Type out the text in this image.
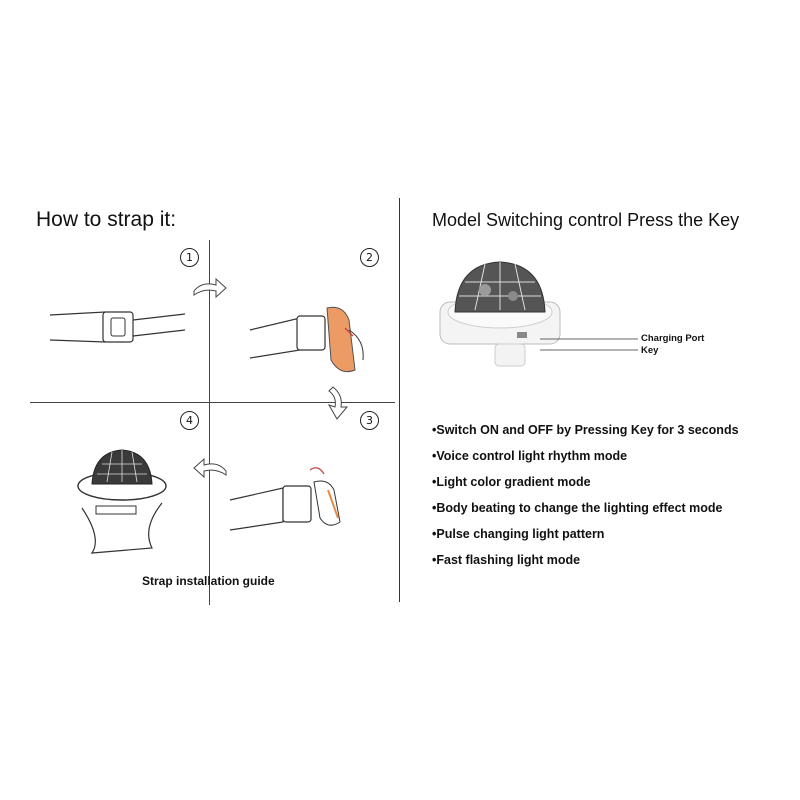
How to strap it:
1	2
3
4
Strap installation guide
Model Switching control Press the Key
Charging Port
Key
•Switch ON and OFF by Pressing Key for 3 seconds
•Voice control light rhythm mode
•Light color gradient mode
•Body beating to change the lighting effect mode
•Pulse changing light pattern
•Fast flashing light mode
